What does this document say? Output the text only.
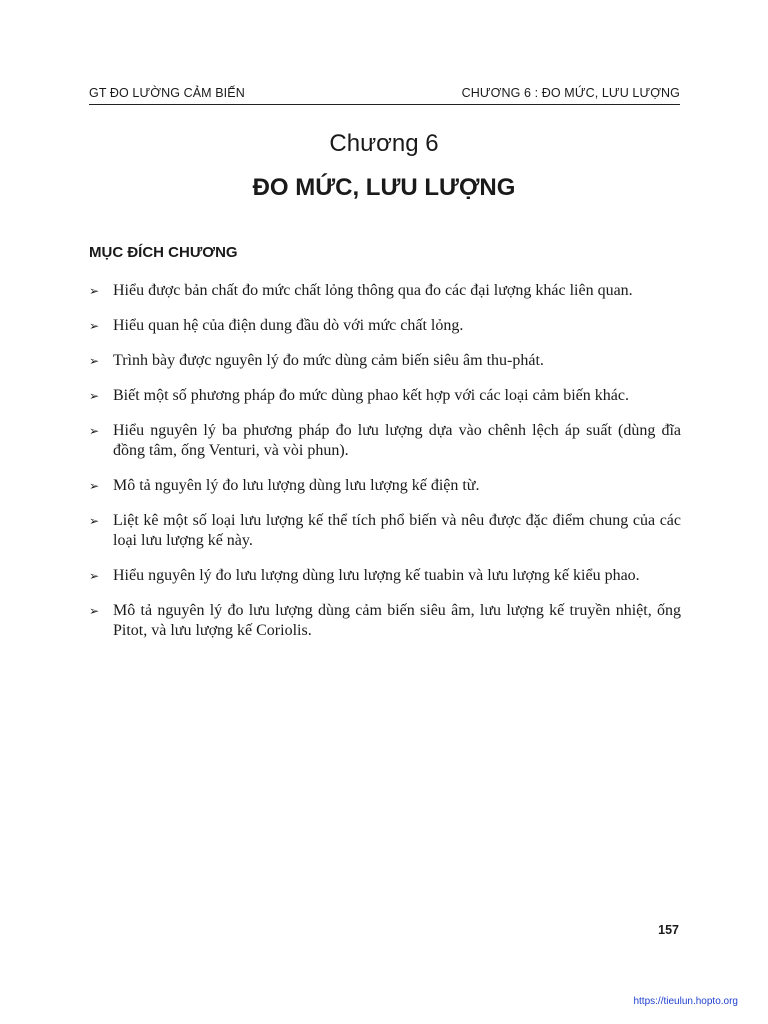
GT ĐO LƯỜNG CẢM BIẾN	CHƯƠNG 6 : ĐO MỨC, LƯU LƯỢNG
Chương 6
ĐO MỨC, LƯU LƯỢNG
MỤC ĐÍCH CHƯƠNG
➢ Hiểu được bản chất đo mức chất lỏng thông qua đo các đại lượng khác liên quan.
➢ Hiểu quan hệ của điện dung đầu dò với mức chất lỏng.
➢ Trình bày được nguyên lý đo mức dùng cảm biến siêu âm thu-phát.
➢ Biết một số phương pháp đo mức dùng phao kết hợp với các loại cảm biến khác.
➢ Hiểu nguyên lý ba phương pháp đo lưu lượng dựa vào chênh lệch áp suất (dùng đĩa đồng tâm, ống Venturi, và vòi phun).
➢ Mô tả nguyên lý đo lưu lượng dùng lưu lượng kế điện từ.
➢ Liệt kê một số loại lưu lượng kế thể tích phổ biến và nêu được đặc điểm chung của các loại lưu lượng kế này.
➢ Hiểu nguyên lý đo lưu lượng dùng lưu lượng kế tuabin và lưu lượng kế kiểu phao.
➢ Mô tả nguyên lý đo lưu lượng dùng cảm biến siêu âm, lưu lượng kế truyền nhiệt, ống Pitot, và lưu lượng kế Coriolis.
157
https://tieulun.hopto.org
